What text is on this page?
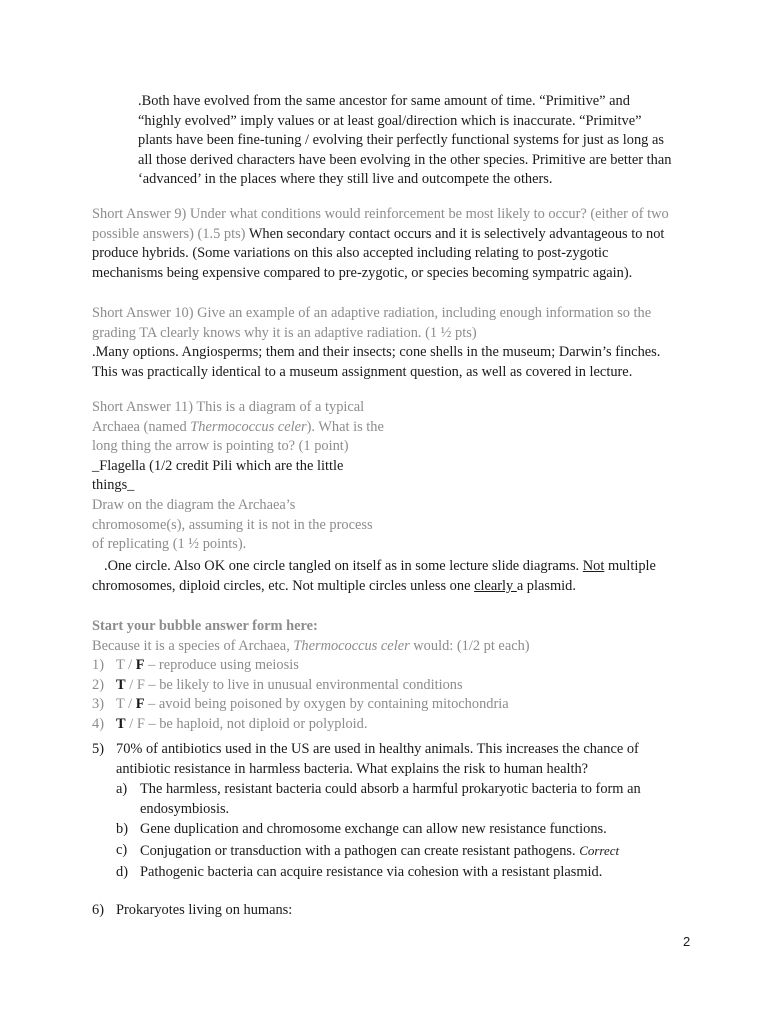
.Both have evolved from the same ancestor for same amount of time. “Primitive” and

“highly evolved” imply values or at least goal/direction which is inaccurate. “Primitve”

plants have been fine-tuning / evolving their perfectly functional systems for just as long as

all those derived characters have been evolving in the other species. Primitive are better than

‘advanced’ in the places where they still live and outcompete the others.

Short Answer 9) Under what conditions would reinforcement be most likely to occur? (either of two

possible answers) (1.5 pts) When secondary contact occurs and it is selectively advantageous to not

produce hybrids. (Some variations on this also accepted including relating to post-zygotic

mechanisms being expensive compared to pre-zygotic, or species becoming sympatric again).

Short Answer 10) Give an example of an adaptive radiation, including enough information so the

grading TA clearly knows why it is an adaptive radiation. (1 ½ pts)

.Many options. Angiosperms; them and their insects; cone shells in the museum; Darwin’s finches.

This was practically identical to a museum assignment question, as well as covered in lecture.

Short Answer 11) This is a diagram of a typical

Archaea (named Thermococcus celer). What is the

long thing the arrow is pointing to? (1 point)

_Flagella (1/2 credit Pili which are the little

things_

Draw on the diagram the Archaea’s

chromosome(s), assuming it is not in the process

of replicating (1 ½ points).

.One circle. Also OK one circle tangled on itself as in some lecture slide diagrams. Not multiple

chromosomes, diploid circles, etc. Not multiple circles unless one clearly a plasmid.

Start your bubble answer form here:

Because it is a species of Archaea, Thermococcus celer would: (1/2 pt each)

1) T / F – reproduce using meiosis
2) T / F – be likely to live in unusual environmental conditions
3) T / F – avoid being poisoned by oxygen by containing mitochondria
4) T / F – be haploid, not diploid or polyploid.
5) 70% of antibiotics used in the US are used in healthy animals. This increases the chance of

antibiotic resistance in harmless bacteria. What explains the risk to human health?

a) The harmless, resistant bacteria could absorb a harmful prokaryotic bacteria to form an

endosymbiosis.

b) Gene duplication and chromosome exchange can allow new resistance functions.

c) Conjugation or transduction with a pathogen can create resistant pathogens. Correct

d) Pathogenic bacteria can acquire resistance via cohesion with a resistant plasmid.

6) Prokaryotes living on humans:

2
